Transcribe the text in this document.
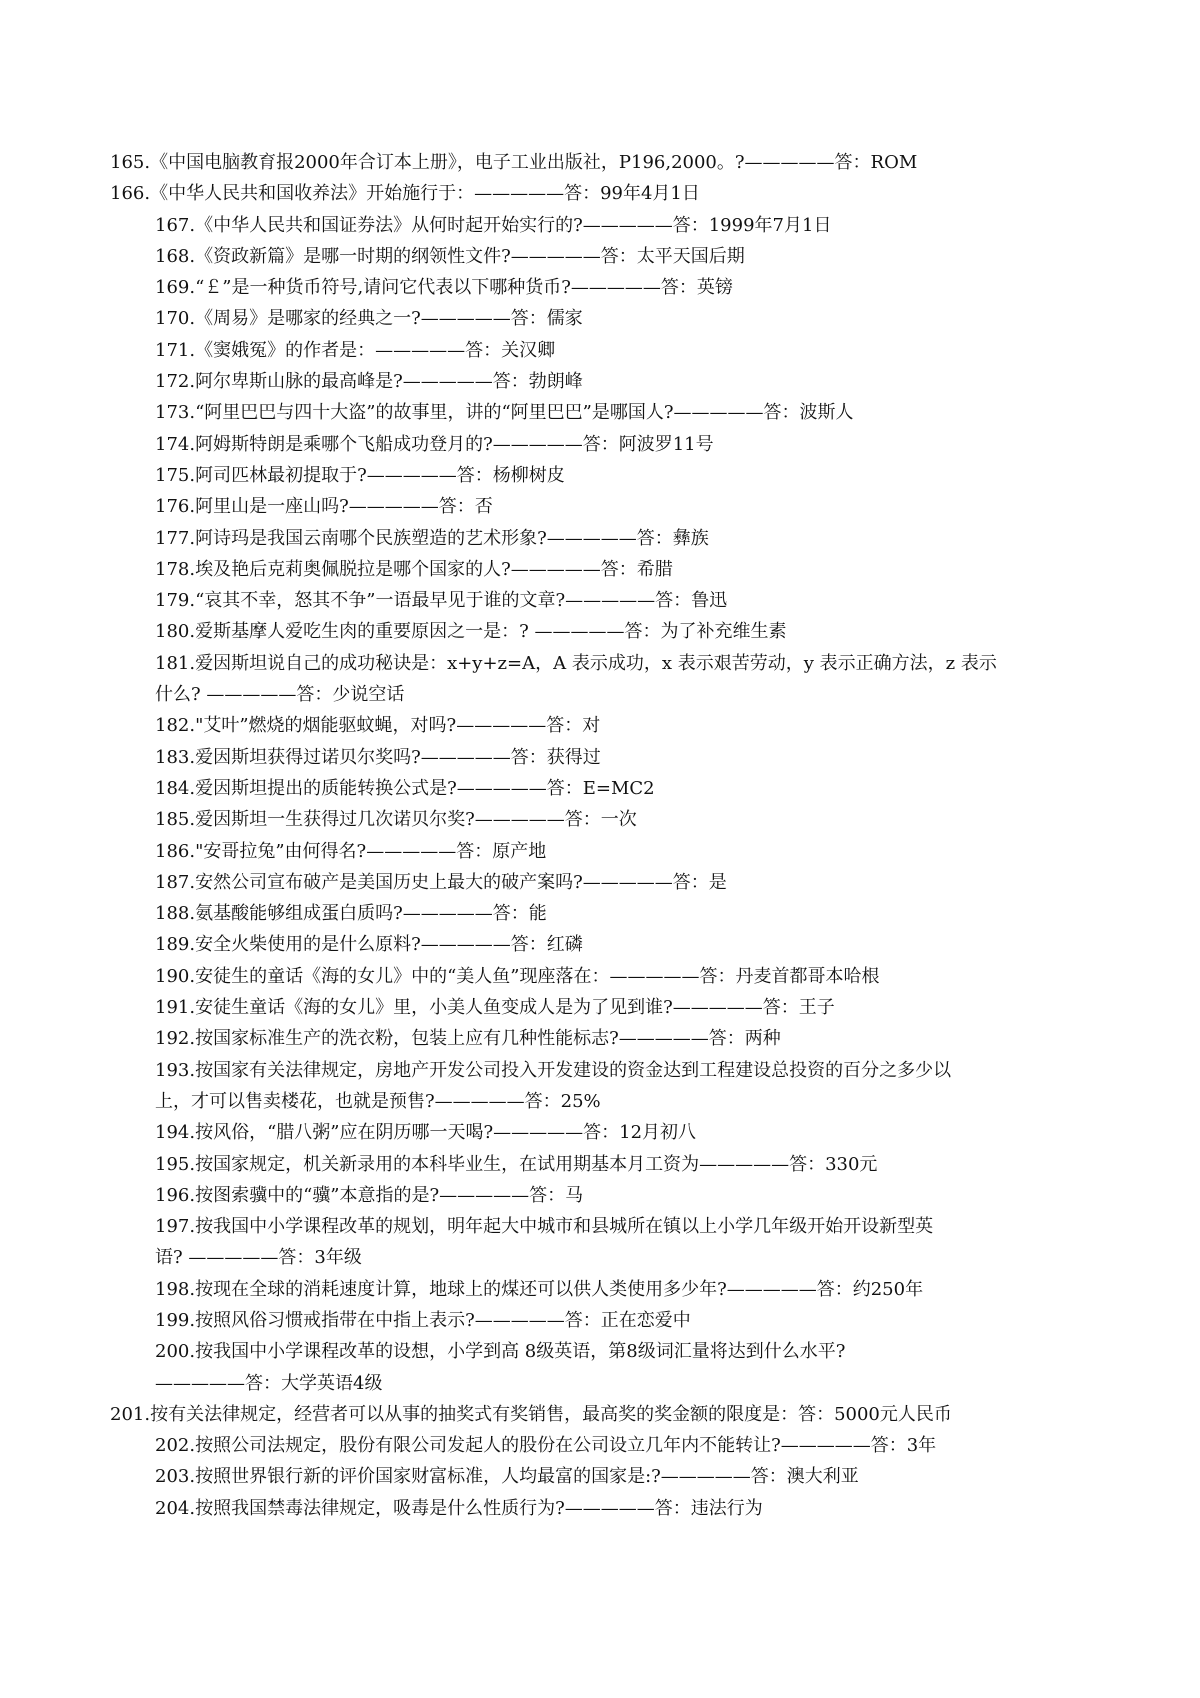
165.《中国电脑教育报2000年合订本上册》，电子工业出版社，P196,2000。?—————答：ROM
166.《中华人民共和国收养法》开始施行于：—————答：99年4月1日
167.《中华人民共和国证券法》从何时起开始实行的?—————答：1999年7月1日
168.《资政新篇》是哪一时期的纲领性文件?—————答：太平天国后期
169.“￡”是一种货币符号,请问它代表以下哪种货币?—————答：英镑
170.《周易》是哪家的经典之一?—————答：儒家
171.《窦娥冤》的作者是：—————答：关汉卿
172.阿尔卑斯山脉的最高峰是?—————答：勃朗峰
173.“阿里巴巴与四十大盗”的故事里，讲的“阿里巴巴”是哪国人?—————答：波斯人
174.阿姆斯特朗是乘哪个飞船成功登月的?—————答：阿波罗11号
175.阿司匹林最初提取于?—————答：杨柳树皮
176.阿里山是一座山吗?—————答：否
177.阿诗玛是我国云南哪个民族塑造的艺术形象?—————答：彝族
178.埃及艳后克莉奥佩脱拉是哪个国家的人?—————答：希腊
179.“哀其不幸，怒其不争”一语最早见于谁的文章?—————答：鲁迅
180.爱斯基摩人爱吃生肉的重要原因之一是：? —————答：为了补充维生素
181.爱因斯坦说自己的成功秘诀是：x+y+z=A，A 表示成功，x 表示艰苦劳动，y 表示正确方法，z 表示
什么? —————答：少说空话
182."艾叶”燃烧的烟能驱蚊蝇，对吗?—————答：对
183.爱因斯坦获得过诺贝尔奖吗?—————答：获得过
184.爱因斯坦提出的质能转换公式是?—————答：E=MC2
185.爱因斯坦一生获得过几次诺贝尔奖?—————答：一次
186."安哥拉兔”由何得名?—————答：原产地
187.安然公司宣布破产是美国历史上最大的破产案吗?—————答：是
188.氨基酸能够组成蛋白质吗?—————答：能
189.安全火柴使用的是什么原料?—————答：红磷
190.安徒生的童话《海的女儿》中的“美人鱼”现座落在：—————答：丹麦首都哥本哈根
191.安徒生童话《海的女儿》里，小美人鱼变成人是为了见到谁?—————答：王子
192.按国家标准生产的洗衣粉，包装上应有几种性能标志?—————答：两种
193.按国家有关法律规定，房地产开发公司投入开发建设的资金达到工程建设总投资的百分之多少以
上，才可以售卖楼花，也就是预售?—————答：25%
194.按风俗，“腊八粥”应在阴历哪一天喝?—————答：12月初八
195.按国家规定，机关新录用的本科毕业生，在试用期基本月工资为—————答：330元
196.按图索骥中的“骥”本意指的是?—————答：马
197.按我国中小学课程改革的规划，明年起大中城市和县城所在镇以上小学几年级开始开设新型英
语? —————答：3年级
198.按现在全球的消耗速度计算，地球上的煤还可以供人类使用多少年?—————答：约250年
199.按照风俗习惯戒指带在中指上表示?—————答：正在恋爱中
200.按我国中小学课程改革的设想，小学到高 8级英语，第8级词汇量将达到什么水平?
—————答：大学英语4级
201.按有关法律规定，经营者可以从事的抽奖式有奖销售，最高奖的奖金额的限度是：答：5000元人民币
202.按照公司法规定，股份有限公司发起人的股份在公司设立几年内不能转让?—————答：3年
203.按照世界银行新的评价国家财富标准，人均最富的国家是:?—————答：澳大利亚
204.按照我国禁毒法律规定，吸毒是什么性质行为?—————答：违法行为
